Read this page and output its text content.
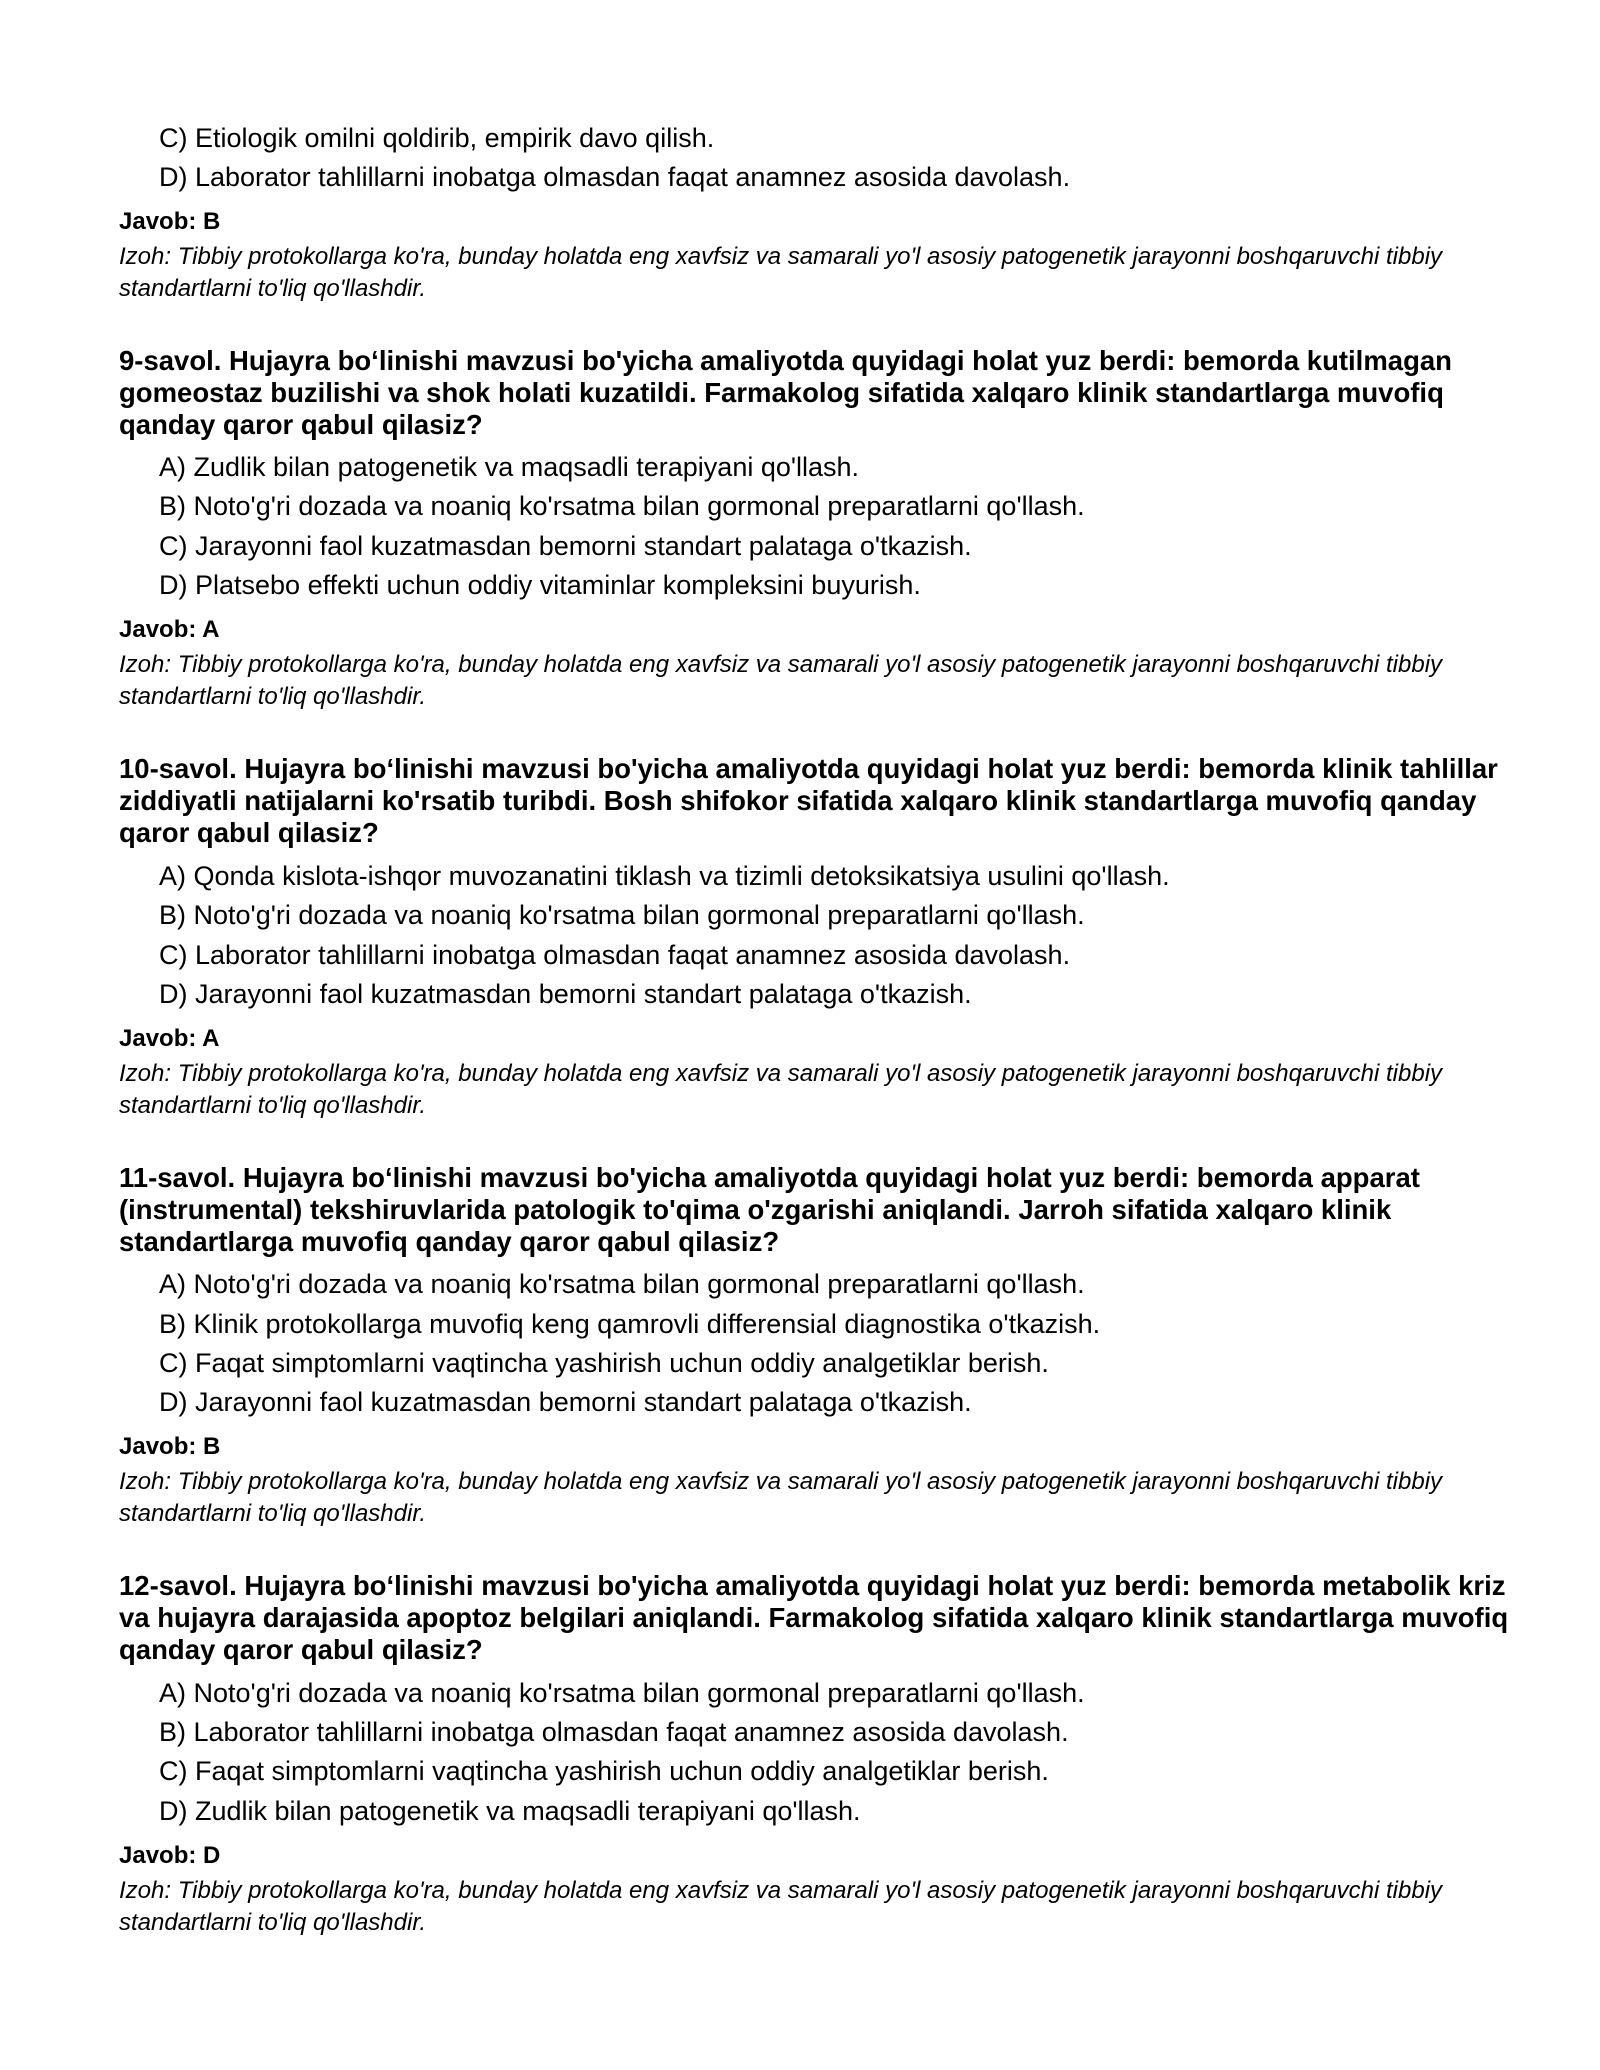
C) Etiologik omilni qoldirib, empirik davo qilish.
D) Laborator tahlillarni inobatga olmasdan faqat anamnez asosida davolash.
Javob: B
Izoh: Tibbiy protokollarga ko'ra, bunday holatda eng xavfsiz va samarali yo'l asosiy patogenetik jarayonni boshqaruvchi tibbiy standartlarni to'liq qo'llashdir.
9-savol. Hujayra bo‘linishi mavzusi bo'yicha amaliyotda quyidagi holat yuz berdi: bemorda kutilmagan gomeostaz buzilishi va shok holati kuzatildi. Farmakolog sifatida xalqaro klinik standartlarga muvofiq qanday qaror qabul qilasiz?
A) Zudlik bilan patogenetik va maqsadli terapiyani qo'llash.
B) Noto'g'ri dozada va noaniq ko'rsatma bilan gormonal preparatlarni qo'llash.
C) Jarayonni faol kuzatmasdan bemorni standart palataga o'tkazish.
D) Platsebo effekti uchun oddiy vitaminlar kompleksini buyurish.
Javob: A
Izoh: Tibbiy protokollarga ko'ra, bunday holatda eng xavfsiz va samarali yo'l asosiy patogenetik jarayonni boshqaruvchi tibbiy standartlarni to'liq qo'llashdir.
10-savol. Hujayra bo‘linishi mavzusi bo'yicha amaliyotda quyidagi holat yuz berdi: bemorda klinik tahlillar ziddiyatli natijalarni ko'rsatib turibdi. Bosh shifokor sifatida xalqaro klinik standartlarga muvofiq qanday qaror qabul qilasiz?
A) Qonda kislota-ishqor muvozanatini tiklash va tizimli detoksikatsiya usulini qo'llash.
B) Noto'g'ri dozada va noaniq ko'rsatma bilan gormonal preparatlarni qo'llash.
C) Laborator tahlillarni inobatga olmasdan faqat anamnez asosida davolash.
D) Jarayonni faol kuzatmasdan bemorni standart palataga o'tkazish.
Javob: A
Izoh: Tibbiy protokollarga ko'ra, bunday holatda eng xavfsiz va samarali yo'l asosiy patogenetik jarayonni boshqaruvchi tibbiy standartlarni to'liq qo'llashdir.
11-savol. Hujayra bo‘linishi mavzusi bo'yicha amaliyotda quyidagi holat yuz berdi: bemorda apparat (instrumental) tekshiruvlarida patologik to'qima o'zgarishi aniqlandi. Jarroh sifatida xalqaro klinik standartlarga muvofiq qanday qaror qabul qilasiz?
A) Noto'g'ri dozada va noaniq ko'rsatma bilan gormonal preparatlarni qo'llash.
B) Klinik protokollarga muvofiq keng qamrovli differensial diagnostika o'tkazish.
C) Faqat simptomlarni vaqtincha yashirish uchun oddiy analgetiklar berish.
D) Jarayonni faol kuzatmasdan bemorni standart palataga o'tkazish.
Javob: B
Izoh: Tibbiy protokollarga ko'ra, bunday holatda eng xavfsiz va samarali yo'l asosiy patogenetik jarayonni boshqaruvchi tibbiy standartlarni to'liq qo'llashdir.
12-savol. Hujayra bo‘linishi mavzusi bo'yicha amaliyotda quyidagi holat yuz berdi: bemorda metabolik kriz va hujayra darajasida apoptoz belgilari aniqlandi. Farmakolog sifatida xalqaro klinik standartlarga muvofiq qanday qaror qabul qilasiz?
A) Noto'g'ri dozada va noaniq ko'rsatma bilan gormonal preparatlarni qo'llash.
B) Laborator tahlillarni inobatga olmasdan faqat anamnez asosida davolash.
C) Faqat simptomlarni vaqtincha yashirish uchun oddiy analgetiklar berish.
D) Zudlik bilan patogenetik va maqsadli terapiyani qo'llash.
Javob: D
Izoh: Tibbiy protokollarga ko'ra, bunday holatda eng xavfsiz va samarali yo'l asosiy patogenetik jarayonni boshqaruvchi tibbiy standartlarni to'liq qo'llashdir.
